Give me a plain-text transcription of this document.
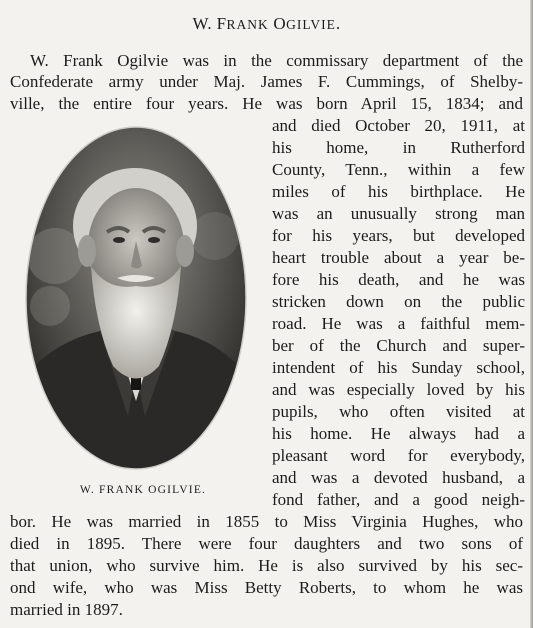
W. FRANK OGILVIE.
W. Frank Ogilvie was in the commissary department of the
Confederate army under Maj. James F. Cummings, of Shelby-
ville, the entire four years. He was born April 15, 1834; and
and died October 20, 1911, at
his home, in Rutherford
County, Tenn., within a few
miles of his birthplace. He
was an unusually strong man
for his years, but developed
heart trouble about a year be-
fore his death, and he was
stricken down on the public
road. He was a faithful mem-
ber of the Church and super-
intendent of his Sunday school,
and was especially loved by his
pupils, who often visited at
his home. He always had a
pleasant word for everybody,
and was a devoted husband, a
fond father, and a good neigh-
bor. He was married in 1855 to Miss Virginia Hughes, who
died in 1895. There were four daughters and two sons of
that union, who survive him. He is also survived by his sec-
ond wife, who was Miss Betty Roberts, to whom he was
married in 1897.
W. FRANK OGILVIE.
